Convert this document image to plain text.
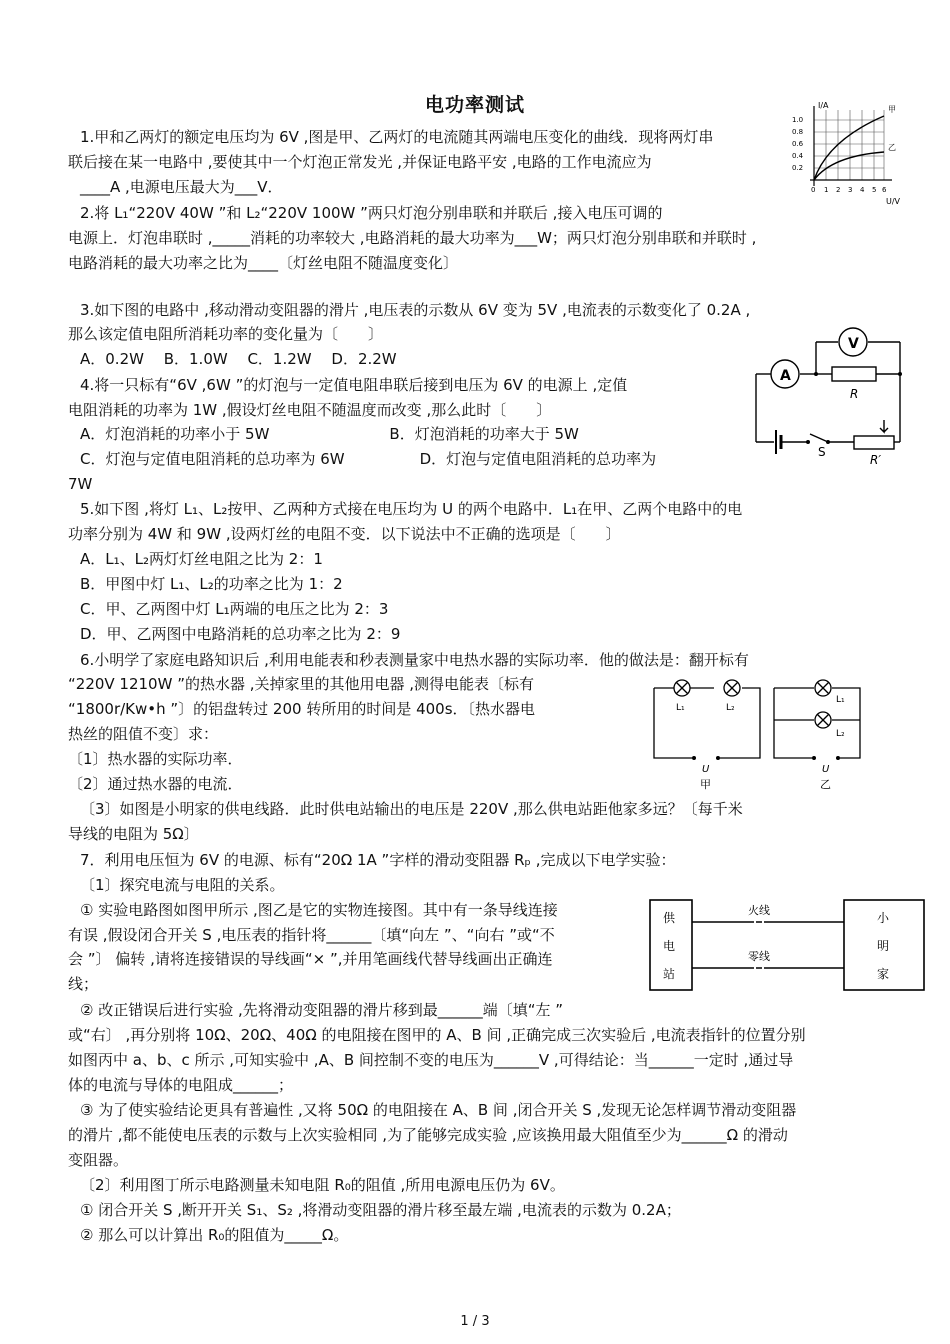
电功率测试
1.甲和乙两灯的额定电压均为 6V ,图是甲、乙两灯的电流随其两端电压变化的曲线．现将两灯串
联后接在某一电路中 ,要使其中一个灯泡正常发光 ,并保证电路平安 ,电路的工作电流应为
____A ,电源电压最大为___V．
2.将 L₁“220V 40W ”和 L₂“220V 100W ”两只灯泡分别串联和并联后 ,接入电压可调的
电源上．灯泡串联时 ,_____消耗的功率较大 ,电路消耗的最大功率为___W；两只灯泡分别串联和并联时 ,
电路消耗的最大功率之比为____〔灯丝电阻不随温度变化〕
3.如下图的电路中 ,移动滑动变阻器的滑片 ,电压表的示数从 6V 变为 5V ,电流表的示数变化了 0.2A ,
那么该定值电阻所消耗功率的变化量为〔　　〕
A．0.2W　 B．1.0W　 C．1.2W　 D．2.2W
4.将一只标有“6V ,6W ”的灯泡与一定值电阻串联后接到电压为 6V 的电源上 ,定值
电阻消耗的功率为 1W ,假设灯丝电阻不随温度而改变 ,那么此时〔　　〕
A．灯泡消耗的功率小于 5W　　　　　　　　B．灯泡消耗的功率大于 5W
C．灯泡与定值电阻消耗的总功率为 6W　　　　　D．灯泡与定值电阻消耗的总功率为
7W
5.如下图 ,将灯 L₁、L₂按甲、乙两种方式接在电压均为 U 的两个电路中．L₁在甲、乙两个电路中的电
功率分别为 4W 和 9W ,设两灯丝的电阻不变．以下说法中不正确的选项是〔　　〕
A．L₁、L₂两灯灯丝电阻之比为 2：1
B．甲图中灯 L₁、L₂的功率之比为 1：2
C．甲、乙两图中灯 L₁两端的电压之比为 2：3
D．甲、乙两图中电路消耗的总功率之比为 2：9
6.小明学了家庭电路知识后 ,利用电能表和秒表测量家中电热水器的实际功率．他的做法是：翻开标有
“220V 1210W ”的热水器 ,关掉家里的其他用电器 ,测得电能表〔标有
“1800r/Kw•h ”〕的铝盘转过 200 转所用的时间是 400s．〔热水器电
热丝的阻值不变〕求：
〔1〕热水器的实际功率．
〔2〕通过热水器的电流．
〔3〕如图是小明家的供电线路．此时供电站输出的电压是 220V ,那么供电站距他家多远？〔每千米
导线的电阻为 5Ω〕
7．利用电压恒为 6V 的电源、标有“20Ω 1A ”字样的滑动变阻器 Rₚ ,完成以下电学实验：
〔1〕探究电流与电阻的关系。
① 实验电路图如图甲所示 ,图乙是它的实物连接图。其中有一条导线连接
有误 ,假设闭合开关 S ,电压表的指针将______〔填“向左 ”、“向右 ”或“不
会 ”〕 偏转 ,请将连接错误的导线画“× ”,并用笔画线代替导线画出正确连
线；
② 改正错误后进行实验 ,先将滑动变阻器的滑片移到最______端〔填“左 ”
或“右〕 ,再分别将 10Ω、20Ω、40Ω 的电阻接在图甲的 A、B 间 ,正确完成三次实验后 ,电流表指针的位置分别
如图丙中 a、b、c 所示 ,可知实验中 ,A、B 间控制不变的电压为______V ,可得结论：当______一定时 ,通过导
体的电流与导体的电阻成______；
③ 为了使实验结论更具有普遍性 ,又将 50Ω 的电阻接在 A、B 间 ,闭合开关 S ,发现无论怎样调节滑动变阻器
的滑片 ,都不能使电压表的示数与上次实验相同 ,为了能够完成实验 ,应该换用最大阻值至少为______Ω 的滑动
变阻器。
〔2〕利用图丁所示电路测量未知电阻 R₀的阻值 ,所用电源电压仍为 6V。
① 闭合开关 S ,断开开关 S₁、S₂ ,将滑动变阻器的滑片移至最左端 ,电流表的示数为 0.2A；
② 那么可以计算出 R₀的阻值为_____Ω。
I/A	甲
乙
1.0
0.8
0.6
0.4
0.2
0 1 2 3 4 5 6
U/V
V
A
R
R′
S
L₁	L₂
L₁
L₂
U	U
甲	乙
供
电
站
火线
零线
小
明
家
1 / 3
